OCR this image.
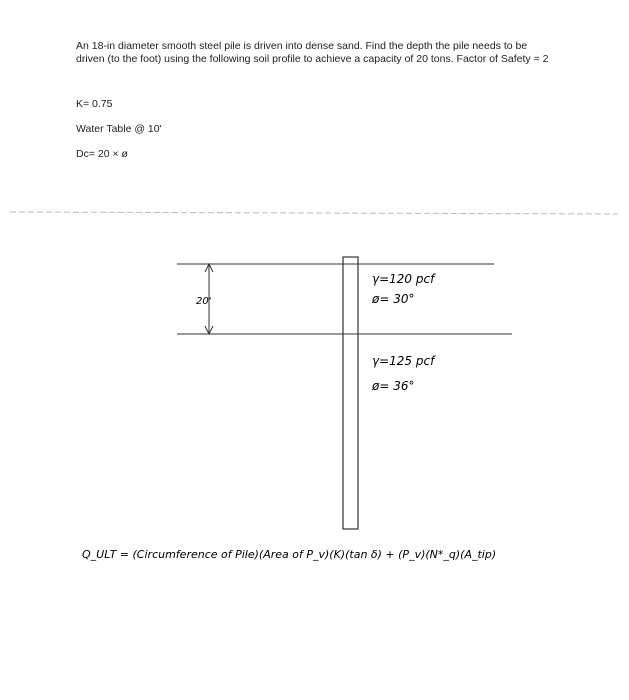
An 18-in diameter smooth steel pile is driven into dense sand. Find the depth the pile needs to be driven (to the foot) using the following soil profile to achieve a capacity of 20 tons. Factor of Safety = 2
K= 0.75
Water Table @ 10'
Dc= 20 × ø
20'
γ=120 pcf
ø= 30°
γ=125 pcf
ø= 36°
Q_ULT = (Circumference of Pile)(Area of P_v)(K)(tan δ) + (P_v)(N*_q)(A_tip)
